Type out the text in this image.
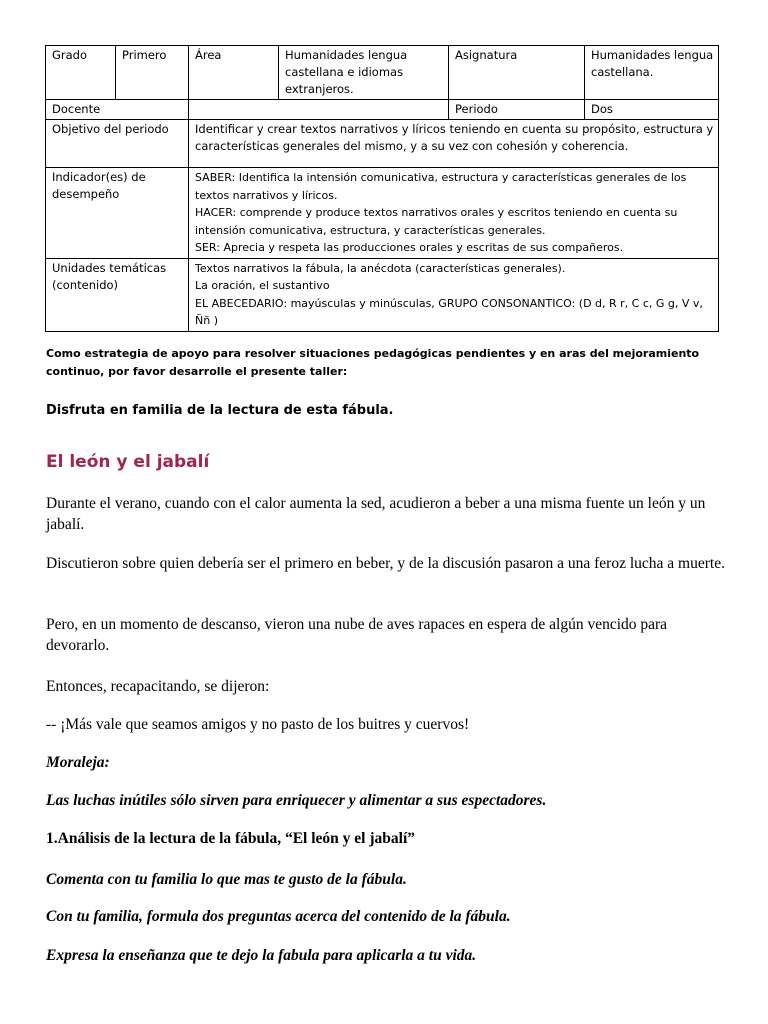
Grado	Primero	Área	Humanidades lengua castellana e idiomas extranjeros.	Asignatura	Humanidades lengua castellana.
Docente				Periodo	Dos
Objetivo del periodo		Identificar y crear textos narrativos y líricos teniendo en cuenta su propósito, estructura y características generales del mismo, y a su vez con cohesión y coherencia.			
Indicador(es) de desempeño		SABER: Identifica la intensión comunicativa, estructura y características generales de los textos narrativos y líricos.
HACER: comprende y produce textos narrativos orales y escritos teniendo en cuenta su intensión comunicativa, estructura, y características generales.
SER: Aprecia y respeta las producciones orales y escritas de sus compañeros.			

Unidades temáticas (contenido)		Textos narrativos la fábula, la anécdota (características generales).
La oración, el sustantivo
EL ABECEDARIO: mayúsculas y minúsculas, GRUPO CONSONANTICO: (D d, R r, C c, G g, V v, Ññ )			
Como estrategia de apoyo para resolver situaciones pedagógicas pendientes y en aras del mejoramiento continuo, por favor desarrolle el presente taller:
Disfruta en familia de la lectura de esta fábula.
El león y el jabalí
Durante el verano, cuando con el calor aumenta la sed, acudieron a beber a una misma fuente un león y un jabalí.
Discutieron sobre quien debería ser el primero en beber, y de la discusión pasaron a una feroz lucha a muerte.
Pero, en un momento de descanso, vieron una nube de aves rapaces en espera de algún vencido para devorarlo.
Entonces, recapacitando, se dijeron:
-- ¡Más vale que seamos amigos y no pasto de los buitres y cuervos!
Moraleja:
Las luchas inútiles sólo sirven para enriquecer y alimentar a sus espectadores.
1.Análisis de la lectura de la fábula, “El león y el jabalí”
Comenta con tu familia lo que mas te gusto de la fábula.
Con tu familia, formula dos preguntas acerca del contenido de la fábula.
Expresa la enseñanza que te dejo la fabula para aplicarla a tu vida.
